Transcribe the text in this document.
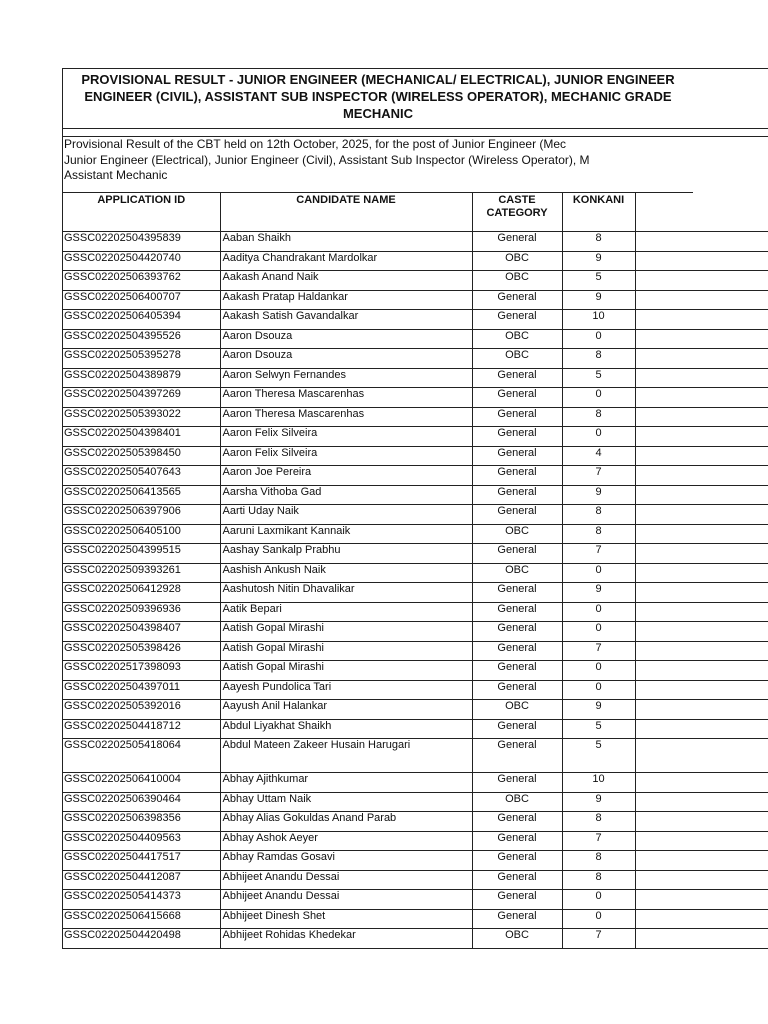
PROVISIONAL RESULT - JUNIOR ENGINEER (MECHANICAL/ ELECTRICAL), JUNIOR ENGINEER
ENGINEER (CIVIL), ASSISTANT SUB INSPECTOR (WIRELESS OPERATOR), MECHANIC GRADE
MECHANIC
Provisional Result of the CBT held on 12th October, 2025, for the post of Junior Engineer (Mec
Junior Engineer (Electrical), Junior Engineer (Civil), Assistant Sub Inspector (Wireless Operator), M
Assistant Mechanic
APPLICATION ID	CANDIDATE NAME	CASTE CATEGORY	KONKANI	
GSSC02202504395839	Aaban Shaikh	General	8	
GSSC02202504420740	Aaditya Chandrakant Mardolkar	OBC	9	
GSSC02202506393762	Aakash Anand Naik	OBC	5	
GSSC02202506400707	Aakash Pratap Haldankar	General	9	
GSSC02202506405394	Aakash Satish Gavandalkar	General	10	
GSSC02202504395526	Aaron Dsouza	OBC	0	
GSSC02202505395278	Aaron Dsouza	OBC	8	
GSSC02202504389879	Aaron Selwyn Fernandes	General	5	
GSSC02202504397269	Aaron Theresa Mascarenhas	General	0	
GSSC02202505393022	Aaron Theresa Mascarenhas	General	8	
GSSC02202504398401	Aaron Felix Silveira	General	0	
GSSC02202505398450	Aaron Felix Silveira	General	4	
GSSC02202505407643	Aaron Joe Pereira	General	7	
GSSC02202506413565	Aarsha Vithoba Gad	General	9	
GSSC02202506397906	Aarti Uday Naik	General	8	
GSSC02202506405100	Aaruni Laxmikant Kannaik	OBC	8	
GSSC02202504399515	Aashay Sankalp Prabhu	General	7	
GSSC02202509393261	Aashish Ankush Naik	OBC	0	
GSSC02202506412928	Aashutosh Nitin Dhavalikar	General	9	
GSSC02202509396936	Aatik Bepari	General	0	
GSSC02202504398407	Aatish Gopal Mirashi	General	0	
GSSC02202505398426	Aatish Gopal Mirashi	General	7	
GSSC02202517398093	Aatish Gopal Mirashi	General	0	
GSSC02202504397011	Aayesh Pundolica Tari	General	0	
GSSC02202505392016	Aayush Anil Halankar	OBC	9	
GSSC02202504418712	Abdul Liyakhat Shaikh	General	5	
GSSC02202505418064	Abdul Mateen Zakeer Husain Harugari	General	5	
GSSC02202506410004	Abhay Ajithkumar	General	10	
GSSC02202506390464	Abhay Uttam Naik	OBC	9	
GSSC02202506398356	Abhay Alias Gokuldas Anand Parab	General	8	
GSSC02202504409563	Abhay Ashok Aeyer	General	7	
GSSC02202504417517	Abhay Ramdas Gosavi	General	8	
GSSC02202504412087	Abhijeet Anandu Dessai	General	8	
GSSC02202505414373	Abhijeet Anandu Dessai	General	0	
GSSC02202506415668	Abhijeet Dinesh Shet	General	0	
GSSC02202504420498	Abhijeet Rohidas Khedekar	OBC	7	
